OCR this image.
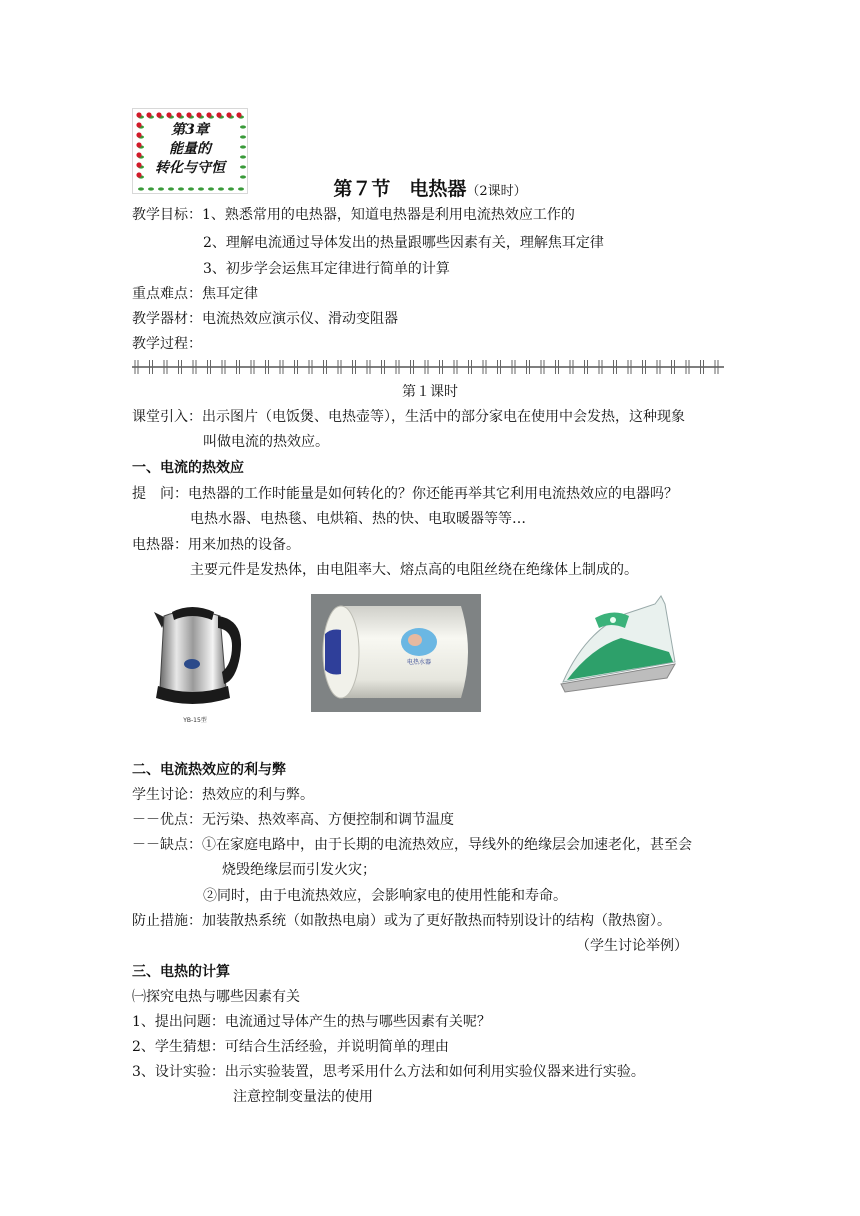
第3章
能量的
转化与守恒
第７节　电热器（2课时）
教学目标：1、熟悉常用的电热器，知道电热器是利用电流热效应工作的
2、理解电流通过导体发出的热量跟哪些因素有关，理解焦耳定律
3、初步学会运焦耳定律进行简单的计算
重点难点：焦耳定律
教学器材：电流热效应演示仪、滑动变阻器
教学过程：
第１课时
课堂引入：出示图片（电饭煲、电热壶等），生活中的部分家电在使用中会发热，这种现象
叫做电流的热效应。
一、电流的热效应
提　问：电热器的工作时能量是如何转化的？你还能再举其它利用电流热效应的电器吗？
电热水器、电热毯、电烘箱、热的快、电取暖器等等…
电热器：用来加热的设备。
主要元件是发热体，由电阻率大、熔点高的电阻丝绕在绝缘体上制成的。
YB-15型
电热水器
二、电流热效应的利与弊
学生讨论：热效应的利与弊。
－－优点：无污染、热效率高、方便控制和调节温度
－－缺点：①在家庭电路中，由于长期的电流热效应，导线外的绝缘层会加速老化，甚至会
烧毁绝缘层而引发火灾；
②同时，由于电流热效应，会影响家电的使用性能和寿命。
防止措施：加装散热系统（如散热电扇）或为了更好散热而特别设计的结构（散热窗）。
（学生讨论举例）
三、电热的计算
㈠探究电热与哪些因素有关
1、提出问题：电流通过导体产生的热与哪些因素有关呢？
2、学生猜想：可结合生活经验，并说明简单的理由
3、设计实验：出示实验装置，思考采用什么方法和如何利用实验仪器来进行实验。
注意控制变量法的使用
